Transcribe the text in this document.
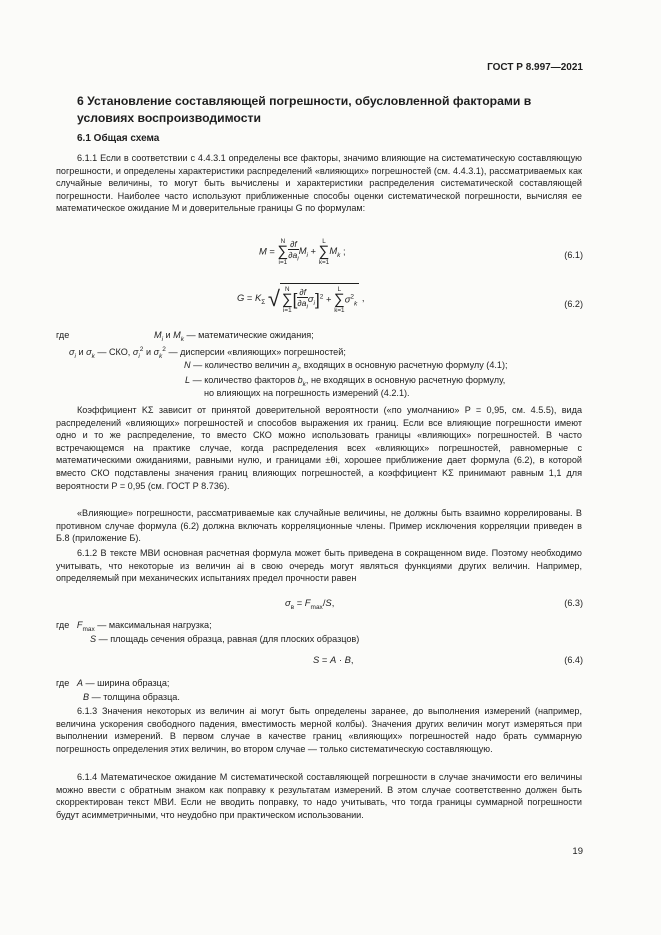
ГОСТ Р 8.997—2021
6 Установление составляющей погрешности, обусловленной факторами в условиях воспроизводимости
6.1 Общая схема

6.1.1 Если в соответствии с 4.4.3.1 определены все факторы, значимо влияющие на систематическую составляющую погрешности, и определены характеристики распределений «влияющих» погрешностей (см. 4.4.3.1), рассматриваемых как случайные величины, то могут быть вычислены и характеристики распределения систематической составляющей погрешности. Наиболее часто используют приближенные способы оценки систематической погрешности, вычисляя ее математическое ожидание M и доверительные границы G по формулам:

M = N
∑
$i=1 \frac{\partial f}{\partial a_i} M_i + L$
∑
$k=1M_k$ ;	(6.1)
$G = K_\Sigma$ √ N
∑
$i=1[ \frac{\partial f}{\partial a_i} \sigma_i]^2 + L$
∑
$k=1\sigma^2_k$ ,
(6.2)
где	$M_i$ и $M_k$ — математические ожидания;
$\sigma_i$ и $\sigma_k$ — СКО, $\sigma_i^2$ и $\sigma_k^2$ — дисперсии «влияющих» погрешностей;
N — количество величин $a_i$, входящих в основную расчетную формулу (4.1);
L — количество факторов $b_k$, не входящих в основную расчетную формулу,
но влияющих на погрешность измерений (4.2.1).

Коэффициент KΣ зависит от принятой доверительной вероятности («по умолчанию» P = 0,95, см. 4.5.5), вида распределений «влияющих» погрешностей и способов выражения их границ. Если все влияющие погрешности имеют одно и то же распределение, то вместо СКО можно использовать границы «влияющих» погрешностей. В часто встречающемся на практике случае, когда распределения всех «влияющих» погрешностей, равномерные с математическими ожиданиями, равными нулю, и границами ±θi, хорошее приближение дает формула (6.2), в которой вместо СКО подставлены значения границ влияющих погрешностей, а коэффициент KΣ принимают равным 1,1 для вероятности P = 0,95 (см. ГОСТ Р 8.736).

«Влияющие» погрешности, рассматриваемые как случайные величины, не должны быть взаимно коррелированы. В противном случае формула (6.2) должна включать корреляционные члены. Пример исключения корреляции приведен в Б.8 (приложение Б).

6.1.2 В тексте МВИ основная расчетная формула может быть приведена в сокращенном виде. Поэтому необходимо учитывать, что некоторые из величин ai в свою очередь могут являться функциями других величин. Например, определяемый при механических испытаниях предел прочности равен

$\sigma_в = F_{max}/S$,	(6.3)
где $F_{max}$ — максимальная нагрузка;
S — площадь сечения образца, равная (для плоских образцов)
S = A · B,	(6.4)
где A — ширина образца;
B — толщина образца.

6.1.3 Значения некоторых из величин ai могут быть определены заранее, до выполнения измерений (например, величина ускорения свободного падения, вместимость мерной колбы). Значения других величин могут измеряться при выполнении измерений. В первом случае в качестве границ «влияющих» погрешностей надо брать суммарную погрешность определения этих величин, во втором случае — только систематическую составляющую.

6.1.4 Математическое ожидание M систематической составляющей погрешности в случае значимости его величины можно ввести с обратным знаком как поправку к результатам измерений. В этом случае соответственно должен быть скорректирован текст МВИ. Если не вводить поправку, то надо учитывать, что тогда границы суммарной погрешности будут асимметричными, что неудобно при практическом использовании.

19
